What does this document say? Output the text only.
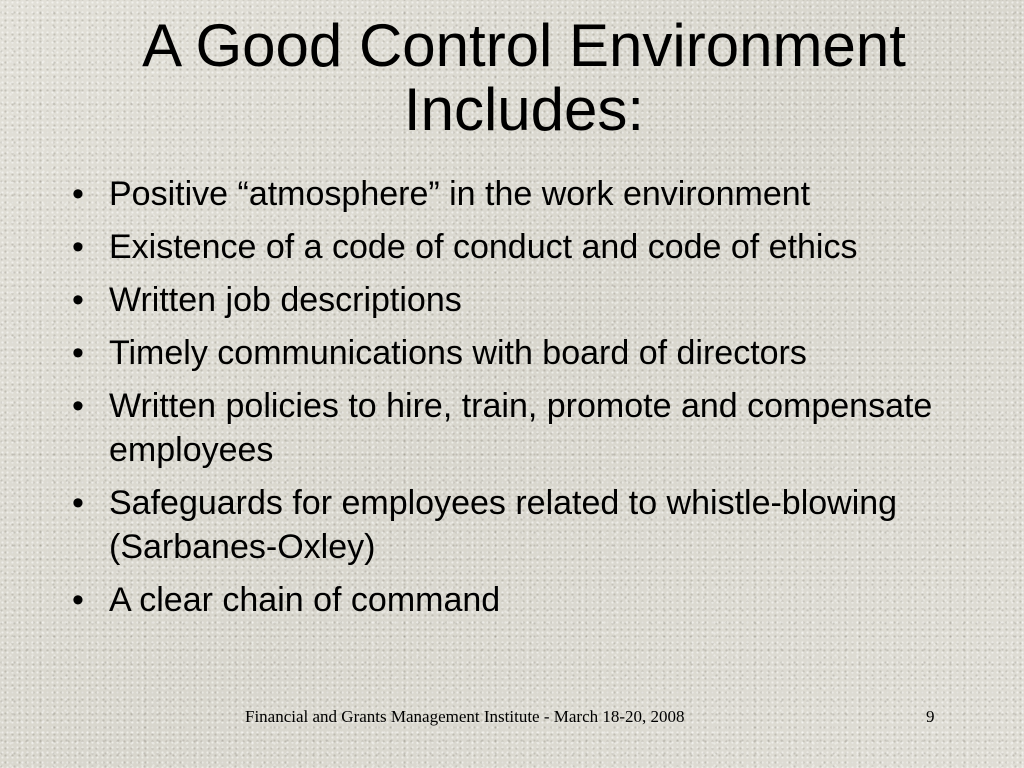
A Good Control Environment Includes:
• Positive “atmosphere” in the work environment
• Existence of a code of conduct and code of ethics
• Written job descriptions
• Timely communications with board of directors
• Written policies to hire, train, promote and compensate employees
• Safeguards for employees related to whistle-blowing (Sarbanes-Oxley)
• A clear chain of command
Financial and Grants Management Institute - March 18-20, 2008	9
